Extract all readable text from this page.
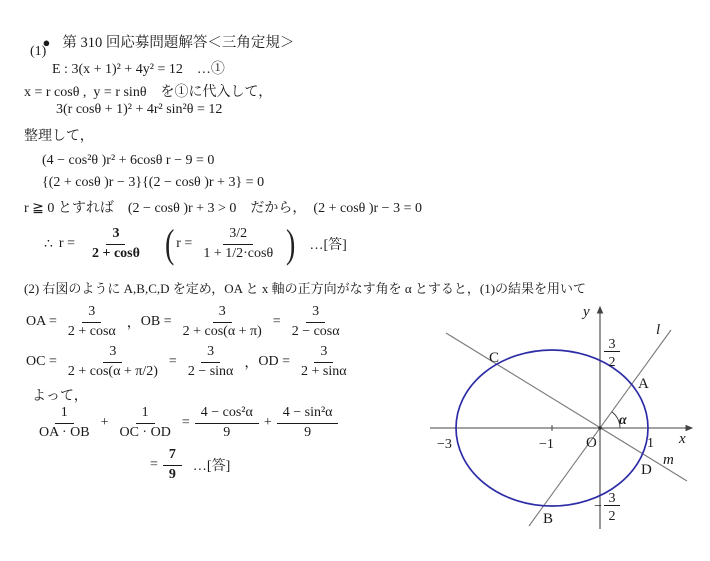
● 第 310 回応募問題解答＜三角定規＞

(1)
E : 3(x + 1)² + 4y² = 12　…①
x = r cosθ ,  y = r sinθ　を①に代入して，
3(r cosθ + 1)² + 4r² sin²θ = 12
整理して，
(4 − cos²θ )r² + 6cosθ r − 9 = 0
{(2 + cosθ )r − 3}{(2 − cosθ )r + 3} = 0
r ≧ 0 とすれば　(2 − cosθ )r + 3 > 0　だから，　(2 + cosθ )r − 3 = 0
∴ $r = \frac{3}{2 + \cos\theta}$ ( $r = \frac{3/2}{1 + 1/2\cdot\cos\theta}$ ) …[答]
(2) 右図のように A,B,C,D を定め，OA と x 軸の正方向がなす角を α とすると，(1)の結果を用いて
OA = $\frac{3}{2 + \cos\alpha}$ ， OB = $\frac{3}{2 + \cos(\alpha + \pi)} = \frac{3}{2 - \cos\alpha}$
OC = $\frac{3}{2 + \cos(\alpha + \pi/2)} = \frac{3}{2 - \sin\alpha}$ ， OD = $\frac{3}{2 + \sin\alpha}$
よって，
$\frac{1}{OA \cdot OB} + \frac{1}{OC \cdot OD} = \frac{\text{4 − cos²α}}{9} + \frac{\text{4 − sin²α}}{9}$
= $\frac{7}{9}$ …[答]
y
x
l
m
O
A
B
C
D
α
−3	−1	1
3
2
−
3
2
